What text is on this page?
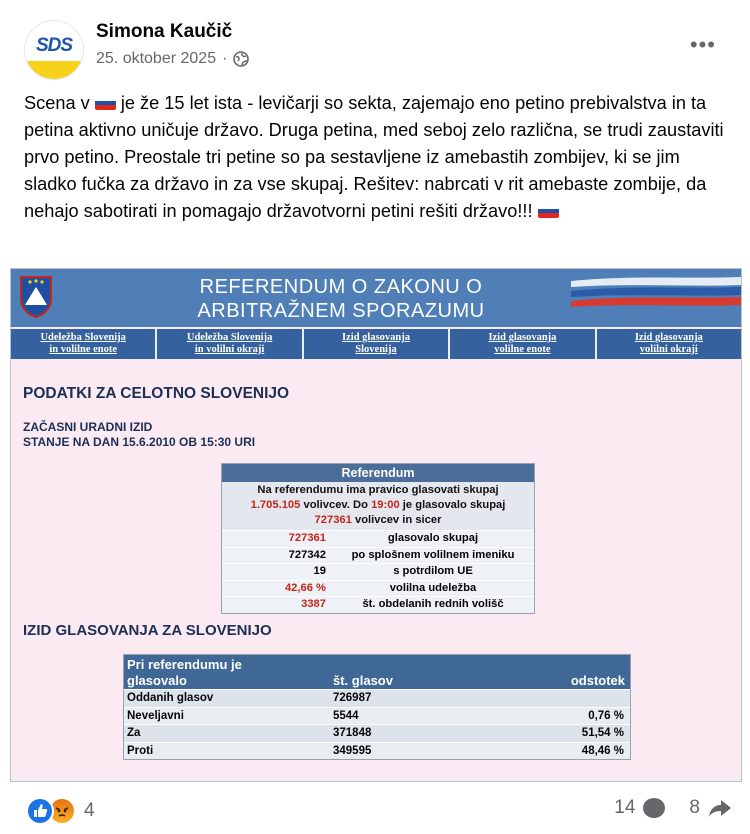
SDS
Simona Kaučič
25. oktober 2025 ·
•••
Scena v
je že 15 let ista - levičarji so sekta, zajemajo eno petino prebivalstva in ta petina aktivno uničuje državo. Druga petina, med seboj zelo različna, se trudi zaustaviti prvo petino. Preostale tri petine so pa sestavljene iz amebastih zombijev, ki se jim sladko fučka za državo in za vse skupaj. Rešitev: nabrcati v rit amebaste zombije, da nehajo sabotirati in pomagajo državotvorni petini rešiti državo!!!
REFERENDUM O ZAKONU O
ARBITRAŽNEM SPORAZUMU
Udeležba Slovenija
in volilne enote
Udeležba Slovenija
in volilni okraji
Izid glasovanja
Slovenija
Izid glasovanja
volilne enote
Izid glasovanja
volilni okraji
PODATKI ZA CELOTNO SLOVENIJO
ZAČASNI URADNI IZID
STANJE NA DAN 15.6.2010 OB 15:30 URI
Referendum
Na referendumu ima pravico glasovati skupaj
1.705.105 volivcev. Do 19:00 je glasovalo skupaj
727361 volivcev in sicer
727361	glasovalo skupaj
727342	po splošnem volilnem imeniku
19	s potrdilom UE
42,66 %	volilna udeležba
3387	št. obdelanih rednih volišč
IZID GLASOVANJA ZA SLOVENIJO
Pri referendumu je
glasovalo	št. glasov	odstotek
Oddanih glasov	726987
Neveljavni	5544	0,76 %
Za	371848	51,54 %
Proti	349595	48,46 %
4	14	8
